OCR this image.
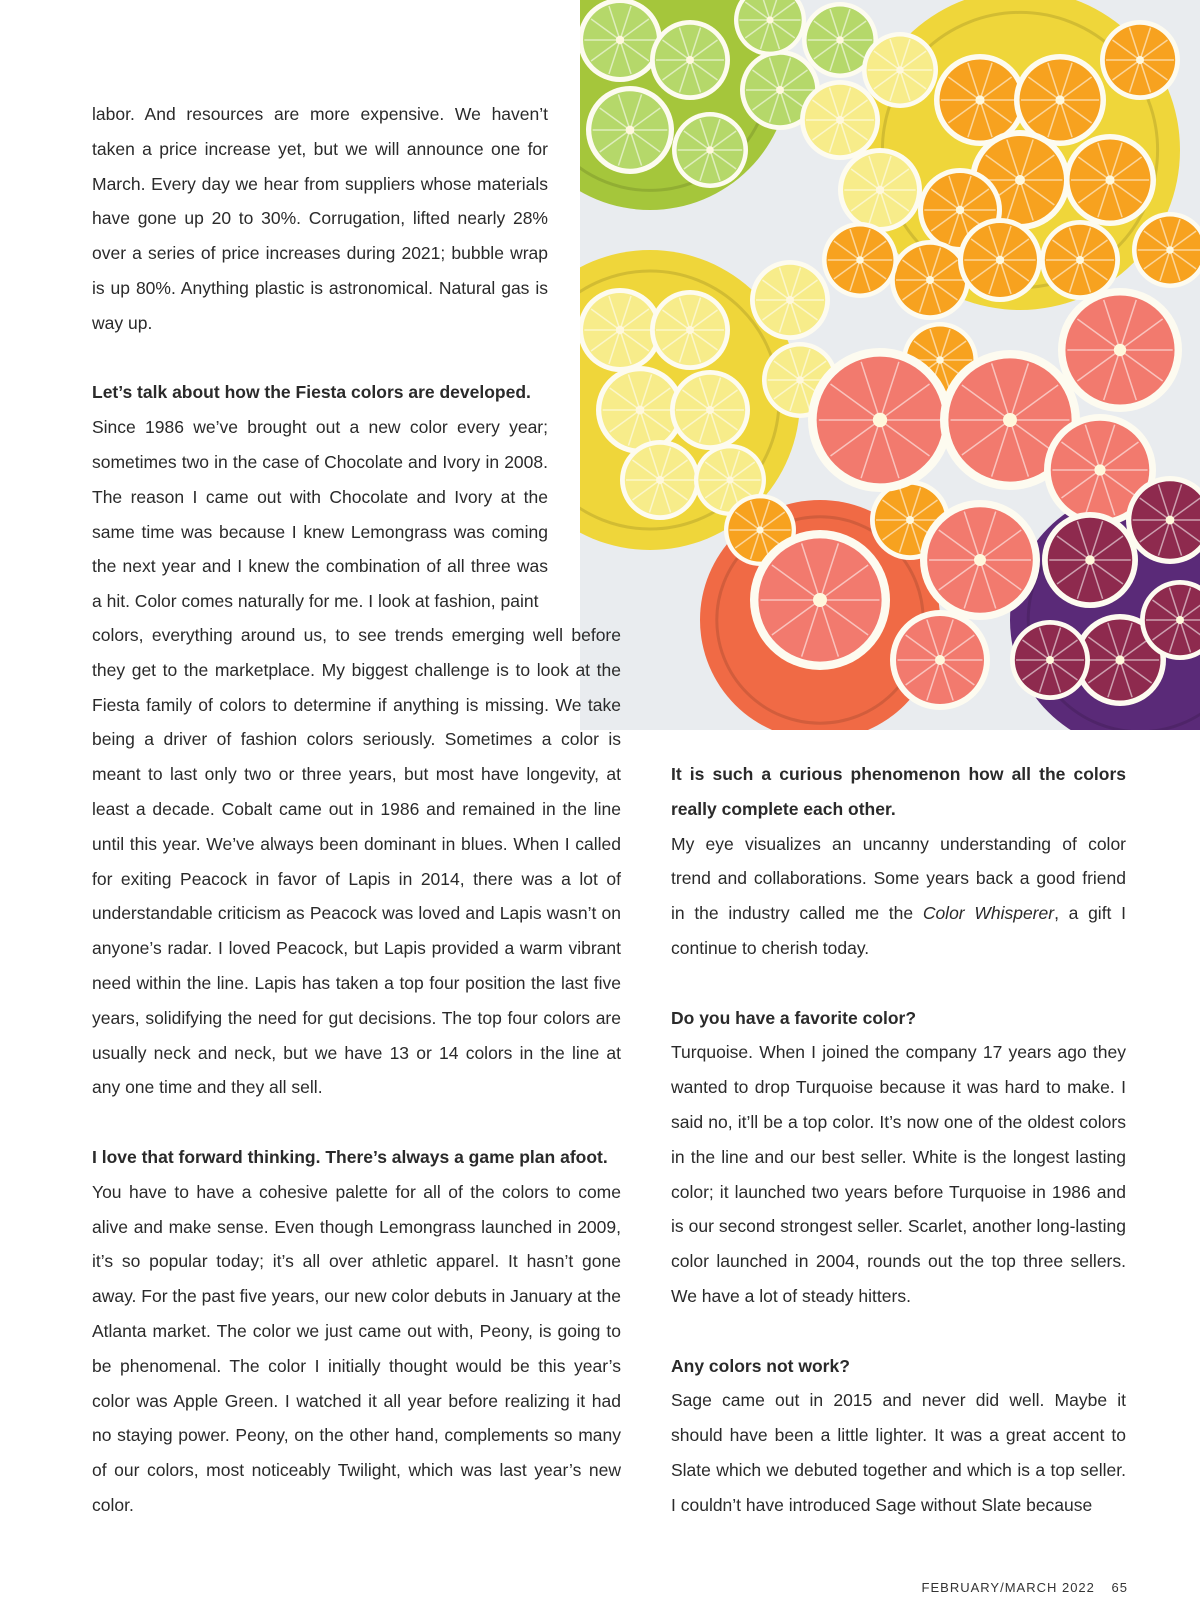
labor. And resources are more expensive. We haven’t taken a price increase yet, but we will announce one for March. Every day we hear from suppliers whose materials have gone up 20 to 30%. Corrugation, lifted nearly 28% over a series of price increases during 2021; bubble wrap is up 80%. Anything plastic is astronomical. Natural gas is way up.

Let’s talk about how the Fiesta colors are developed.

Since 1986 we’ve brought out a new color every year; sometimes two in the case of Chocolate and Ivory in 2008. The reason I came out with Chocolate and Ivory at the same time was because I knew Lemongrass was coming the next year and I knew the combination of all three was a hit. Color comes naturally for me. I look at fashion, paint

colors, everything around us, to see trends emerging well before they get to the marketplace. My biggest challenge is to look at the Fiesta family of colors to determine if anything is missing. We take being a driver of fashion colors seriously. Sometimes a color is meant to last only two or three years, but most have longevity, at least a decade. Cobalt came out in 1986 and remained in the line until this year. We’ve always been dominant in blues. When I called for exiting Peacock in favor of Lapis in 2014, there was a lot of understandable criticism as Peacock was loved and Lapis wasn’t on anyone’s radar. I loved Peacock, but Lapis provided a warm vibrant need within the line. Lapis has taken a top four position the last five years, solidifying the need for gut decisions. The top four colors are usually neck and neck, but we have 13 or 14 colors in the line at any one time and they all sell.

I love that forward thinking. There’s always a game plan afoot.

You have to have a cohesive palette for all of the colors to come alive and make sense. Even though Lemongrass launched in 2009, it’s so popular today; it’s all over athletic apparel. It hasn’t gone away. For the past five years, our new color debuts in January at the Atlanta market. The color we just came out with, Peony, is going to be phenomenal. The color I initially thought would be this year’s color was Apple Green. I watched it all year before realizing it had no staying power. Peony, on the other hand, complements so many of our colors, most noticeably Twilight, which was last year’s new color.

It is such a curious phenomenon how all the colors really complete each other.

My eye visualizes an uncanny understanding of color trend and collaborations. Some years back a good friend in the industry called me the Color Whisperer, a gift I continue to cherish today.

Do you have a favorite color?

Turquoise. When I joined the company 17 years ago they wanted to drop Turquoise because it was hard to make. I said no, it’ll be a top color. It’s now one of the oldest colors in the line and our best seller. White is the longest lasting color; it launched two years before Turquoise in 1986 and is our second strongest seller. Scarlet, another long-lasting color launched in 2004, rounds out the top three sellers. We have a lot of steady hitters.

Any colors not work?

Sage came out in 2015 and never did well. Maybe it should have been a little lighter. It was a great accent to Slate which we debuted together and which is a top seller. I couldn’t have introduced Sage without Slate because

FEBRUARY/MARCH 2022 65
